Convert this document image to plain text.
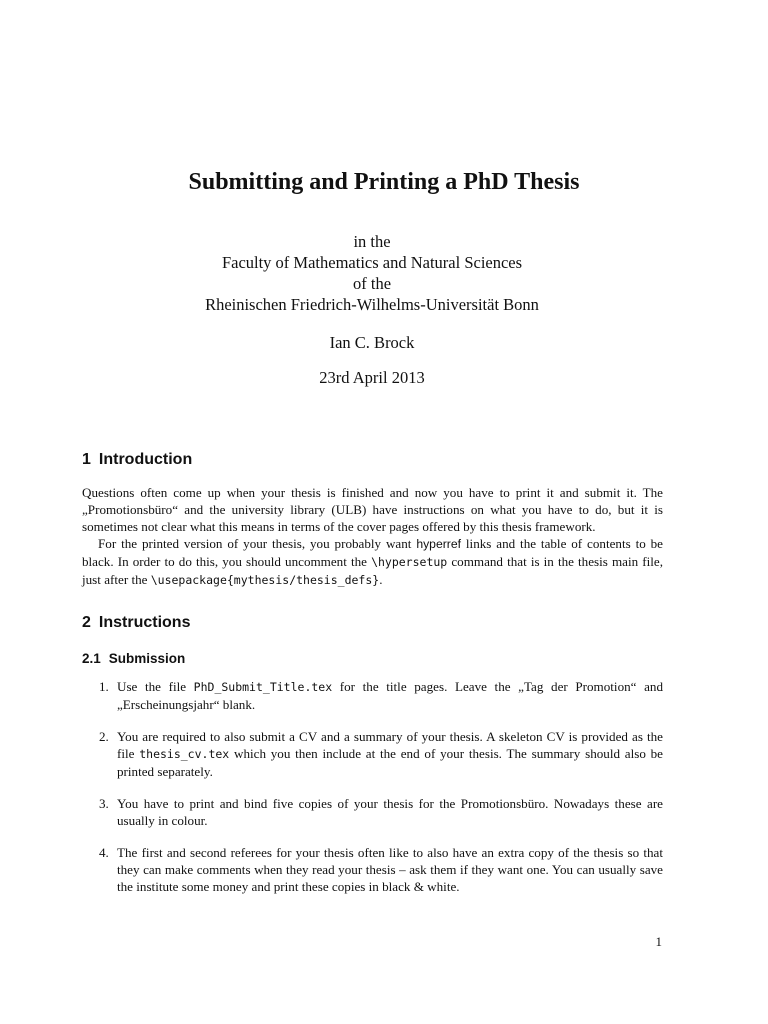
Submitting and Printing a PhD Thesis
in the
Faculty of Mathematics and Natural Sciences
of the
Rheinischen Friedrich-Wilhelms-Universität Bonn
Ian C. Brock
23rd April 2013
1 Introduction

Questions often come up when your thesis is finished and now you have to print it and submit it. The „Promotionsbüro“ and the university library (ULB) have instructions on what you have to do, but it is sometimes not clear what this means in terms of the cover pages offered by this thesis framework.

For the printed version of your thesis, you probably want hyperref links and the table of contents to be black. In order to do this, you should uncomment the \hypersetup command that is in the thesis main file, just after the \usepackage{mythesis/thesis_defs}.

2 Instructions
2.1 Submission
1. Use the file PhD_Submit_Title.tex for the title pages. Leave the „Tag der Promotion“ and „Erscheinungsjahr“ blank.
2. You are required to also submit a CV and a summary of your thesis. A skeleton CV is provided as the file thesis_cv.tex which you then include at the end of your thesis. The summary should also be printed separately.
3. You have to print and bind five copies of your thesis for the Promotionsbüro. Nowadays these are usually in colour.
4. The first and second referees for your thesis often like to also have an extra copy of the thesis so that they can make comments when they read your thesis – ask them if they want one. You can usually save the institute some money and print these copies in black & white.
1
